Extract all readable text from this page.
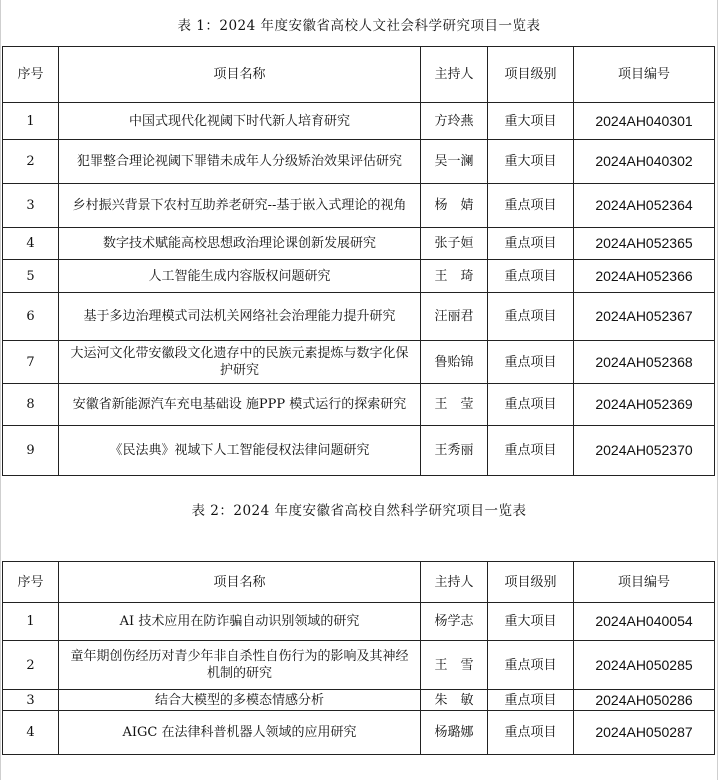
表 1：2024 年度安徽省高校人文社会科学研究项目一览表
序号	项目名称	主持人	项目级别	项目编号
1	中国式现代化视阈下时代新人培育研究	方玲燕	重大项目	2024AH040301
2	犯罪整合理论视阈下罪错未成年人分级矫治效果评估研究	吴一澜	重大项目	2024AH040302
3	乡村振兴背景下农村互助养老研究--基于嵌入式理论的视角	杨　婧	重点项目	2024AH052364
4	数字技术赋能高校思想政治理论课创新发展研究	张子姮	重点项目	2024AH052365
5	人工智能生成内容版权问题研究	王　琦	重点项目	2024AH052366
6	基于多边治理模式司法机关网络社会治理能力提升研究	汪丽君	重点项目	2024AH052367
7	大运河文化带安徽段文化遗存中的民族元素提炼与数字化保护研究	鲁贻锦	重点项目	2024AH052368
8	安徽省新能源汽车充电基础设 施PPP 模式运行的探索研究	王　莹	重点项目	2024AH052369
9	《民法典》视域下人工智能侵权法律问题研究	王秀丽	重点项目	2024AH052370
表 2：2024 年度安徽省高校自然科学研究项目一览表
序号	项目名称	主持人	项目级别	项目编号
1	AI 技术应用在防诈骗自动识别领域的研究	杨学志	重大项目	2024AH040054
2	童年期创伤经历对青少年非自杀性自伤行为的影响及其神经机制的研究	王　雪	重点项目	2024AH050285
3	结合大模型的多模态情感分析	朱　敏	重点项目	2024AH050286
4	AIGC 在法律科普机器人领域的应用研究	杨璐娜	重点项目	2024AH050287
